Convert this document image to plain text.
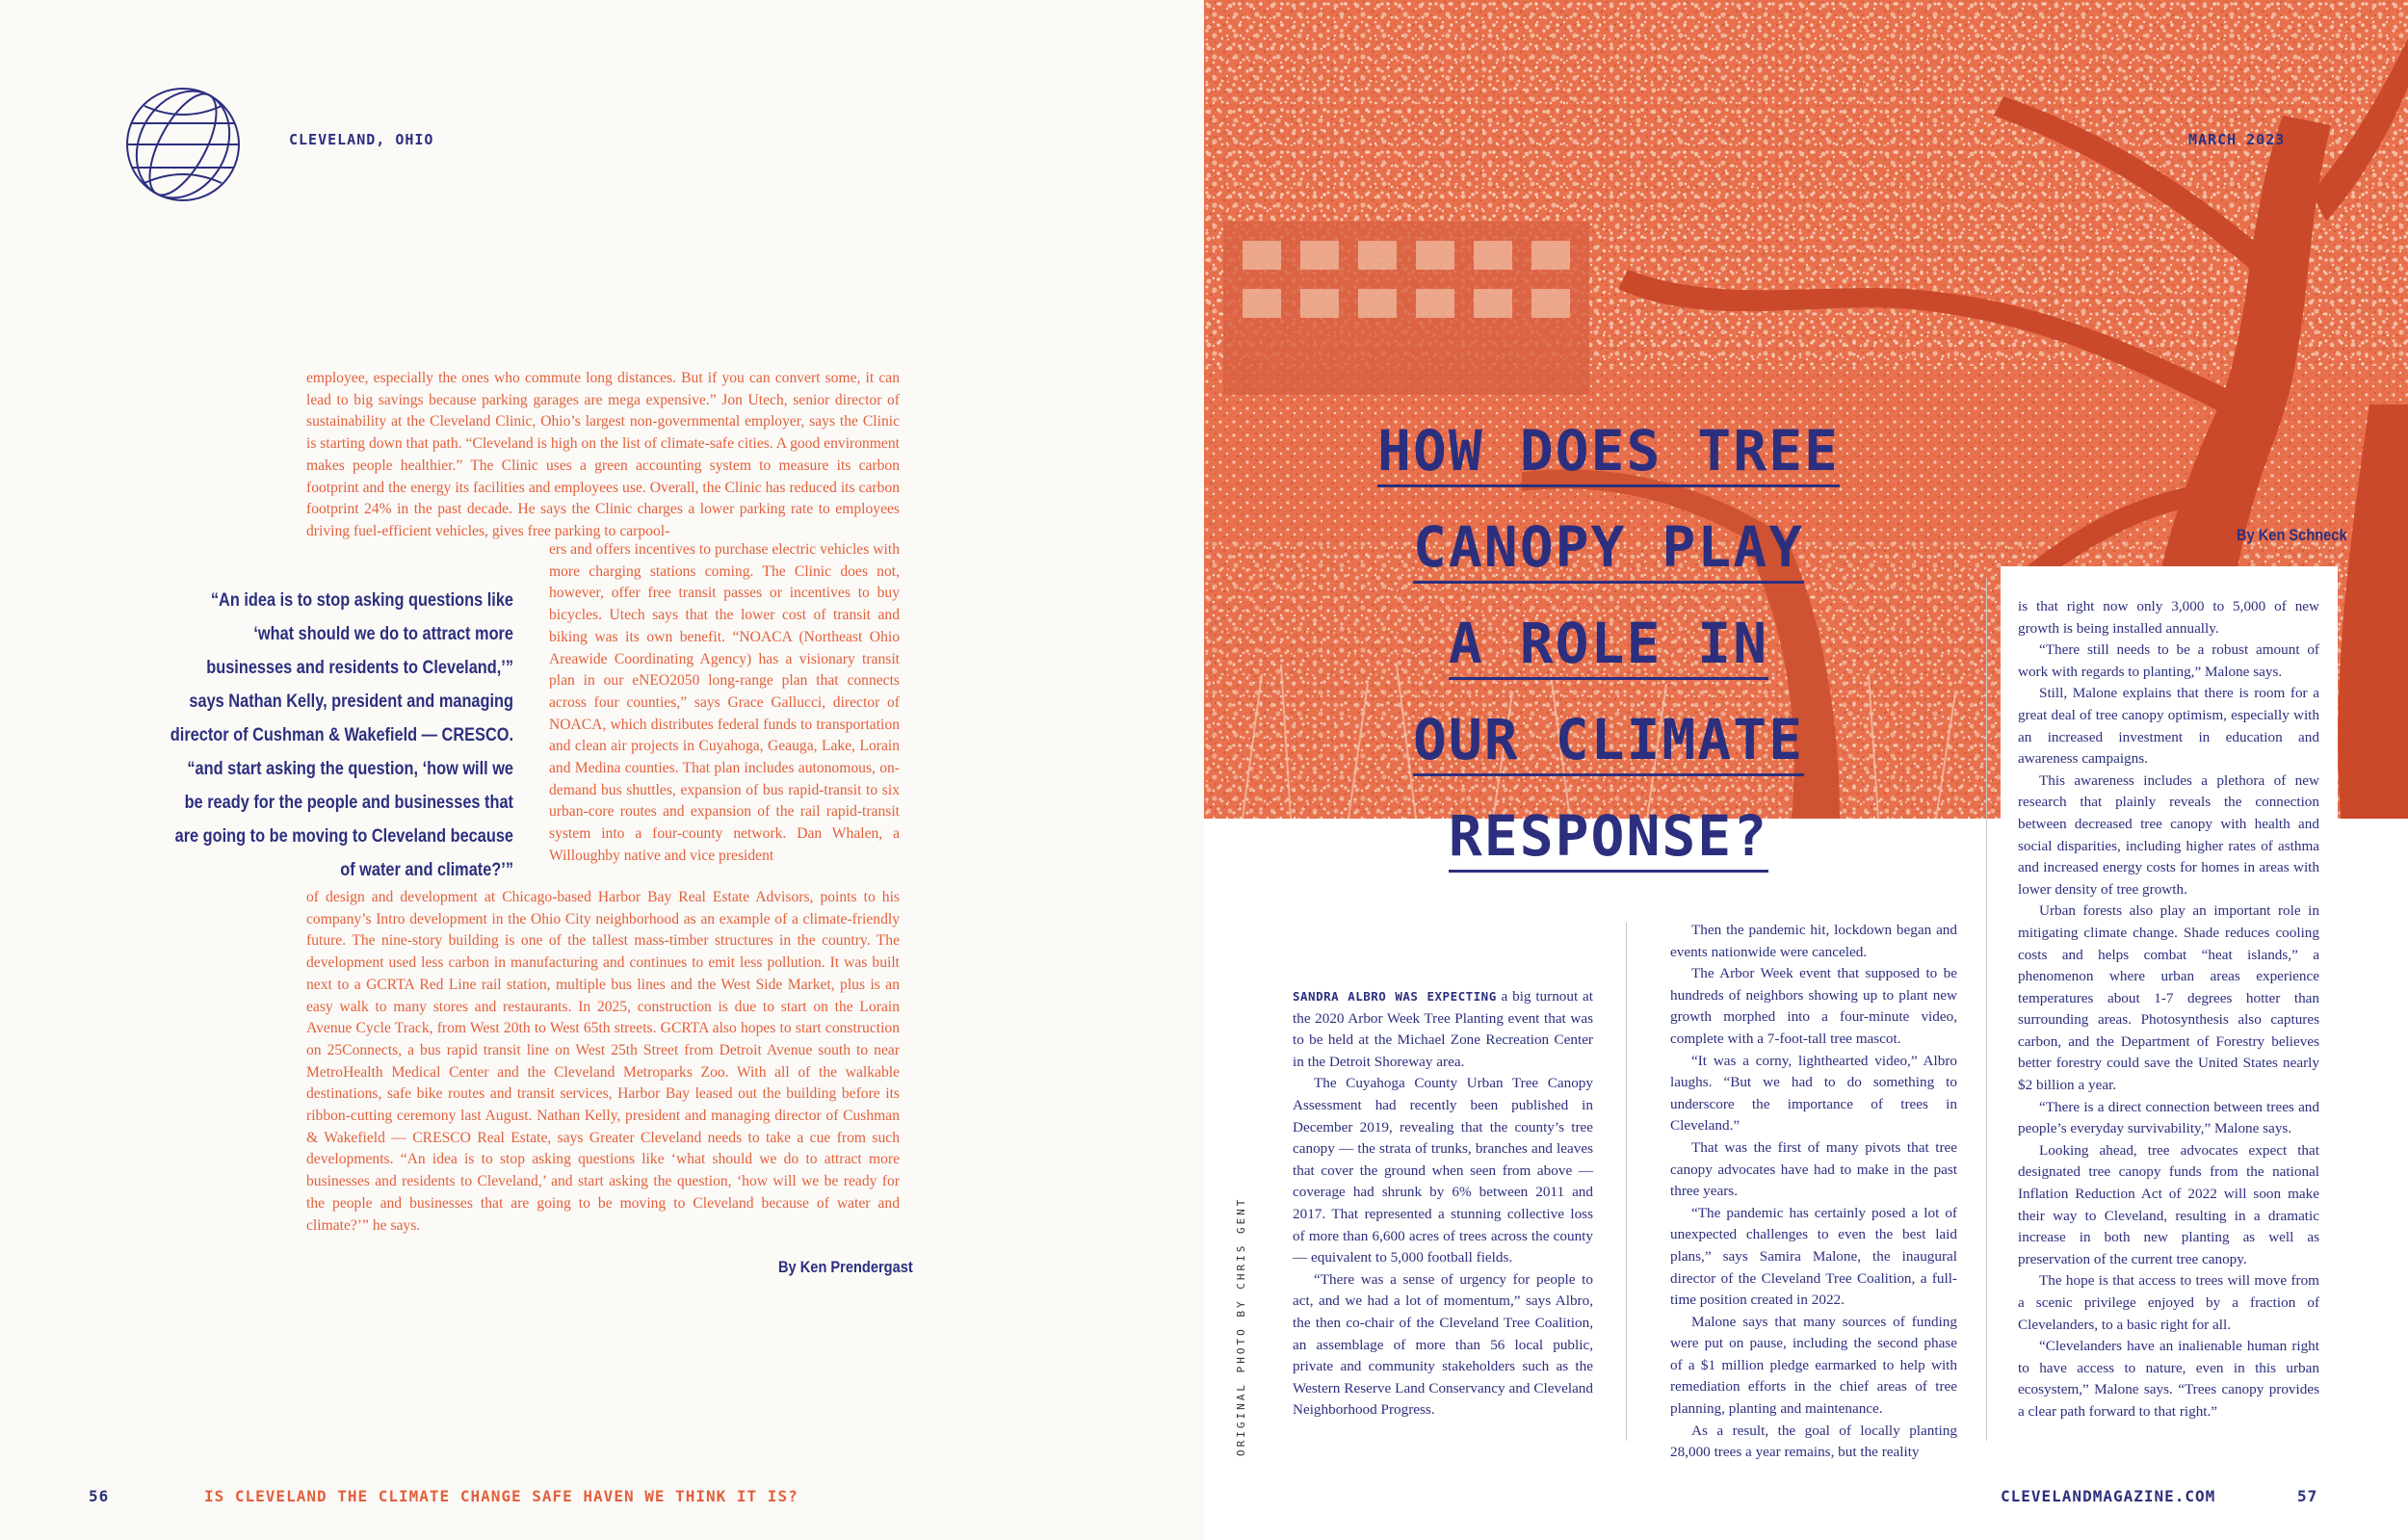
CLEVELAND, OHIO

employee, especially the ones who commute long distances. But if you can convert some, it can lead to big savings because parking garages are mega expensive.” Jon Utech, senior director of sustainability at the Cleveland Clinic, Ohio’s largest non-governmental employer, says the Clinic is starting down that path. “Cleveland is high on the list of climate-safe cities. A good environment makes people healthier.” The Clinic uses a green accounting system to measure its carbon footprint and the energy its facilities and employees use. Overall, the Clinic has reduced its carbon footprint 24% in the past decade. He says the Clinic charges a lower parking rate to employees driving fuel-efficient vehicles, gives free parking to carpool-

ers and offers incentives to purchase electric vehicles with more charging stations coming. The Clinic does not, however, offer free transit passes or incentives to buy bicycles. Utech says that the lower cost of transit and biking was its own benefit. “NOACA (Northeast Ohio Areawide Coordinating Agency) has a visionary transit plan in our eNEO2050 long-range plan that connects across four counties,” says Grace Gallucci, director of NOACA, which distributes federal funds to transportation and clean air projects in Cuyahoga, Geauga, Lake, Lorain and Medina counties. That plan includes autonomous, on-demand bus shuttles, expansion of bus rapid-transit to six urban-core routes and expansion of the rail rapid-transit system into a four-county network. Dan Whalen, a Willoughby native and vice president

of design and development at Chicago-based Harbor Bay Real Estate Advisors, points to his company’s Intro development in the Ohio City neighborhood as an example of a climate-friendly future. The nine-story building is one of the tallest mass-timber structures in the country. The development used less carbon in manufacturing and continues to emit less pollution. It was built next to a GCRTA Red Line rail station, multiple bus lines and the West Side Market, plus is an easy walk to many stores and restaurants. In 2025, construction is due to start on the Lorain Avenue Cycle Track, from West 20th to West 65th streets. GCRTA also hopes to start construction on 25Connects, a bus rapid transit line on West 25th Street from Detroit Avenue south to near MetroHealth Medical Center and the Cleveland Metroparks Zoo. With all of the walkable destinations, safe bike routes and transit services, Harbor Bay leased out the building before its ribbon-cutting ceremony last August. Nathan Kelly, president and managing director of Cushman & Wakefield — CRESCO Real Estate, says Greater Cleveland needs to take a cue from such developments. “An idea is to stop asking questions like ‘what should we do to attract more businesses and residents to Cleveland,’ and start asking the question, ‘how will we be ready for the people and businesses that are going to be moving to Cleveland because of water and climate?’” he says.

“An idea is to stop asking questions like ‘what should we do to attract more businesses and residents to Cleveland,’” says Nathan Kelly, president and managing director of Cushman & Wakefield — CRESCO. “and start asking the question, ‘how will we be ready for the people and businesses that are going to be moving to Cleveland because of water and climate?’”
By Ken Prendergast
56	IS CLEVELAND THE CLIMATE CHANGE SAFE HAVEN WE THINK IT IS?
MARCH 2023
HOW DOES TREE
CANOPY PLAY
A ROLE IN
OUR CLIMATE
RESPONSE?
By Ken Schneck
ORIGINAL PHOTO BY CHRIS GENT

SANDRA ALBRO WAS EXPECTING a big turnout at the 2020 Arbor Week Tree Planting event that was to be held at the Michael Zone Recreation Center in the Detroit Shoreway area.

The Cuyahoga County Urban Tree Canopy Assessment had recently been published in December 2019, revealing that the county’s tree canopy — the strata of trunks, branches and leaves that cover the ground when seen from above — coverage had shrunk by 6% between 2011 and 2017. That represented a stunning collective loss of more than 6,600 acres of trees across the county — equivalent to 5,000 football fields.

“There was a sense of urgency for people to act, and we had a lot of momentum,” says Albro, the then co-chair of the Cleveland Tree Coalition, an assemblage of more than 56 local public, private and community stakeholders such as the Western Reserve Land Conservancy and Cleveland Neighborhood Progress.

Then the pandemic hit, lockdown began and events nationwide were canceled.

The Arbor Week event that supposed to be hundreds of neighbors showing up to plant new growth morphed into a four-minute video, complete with a 7-foot-tall tree mascot.

“It was a corny, lighthearted video,” Albro laughs. “But we had to do something to underscore the importance of trees in Cleveland.”

That was the first of many pivots that tree canopy advocates have had to make in the past three years.

“The pandemic has certainly posed a lot of unexpected challenges to even the best laid plans,” says Samira Malone, the inaugural director of the Cleveland Tree Coalition, a full-time position created in 2022.

Malone says that many sources of funding were put on pause, including the second phase of a $1 million pledge earmarked to help with remediation efforts in the chief areas of tree planning, planting and maintenance.

As a result, the goal of locally planting 28,000 trees a year remains, but the reality

is that right now only 3,000 to 5,000 of new growth is being installed annually.

“There still needs to be a robust amount of work with regards to planting,” Malone says.

Still, Malone explains that there is room for a great deal of tree canopy optimism, especially with an increased investment in education and awareness campaigns.

This awareness includes a plethora of new research that plainly reveals the connection between decreased tree canopy with health and social disparities, including higher rates of asthma and increased energy costs for homes in areas with lower density of tree growth.

Urban forests also play an important role in mitigating climate change. Shade reduces cooling costs and helps combat “heat islands,” a phenomenon where urban areas experience temperatures about 1-7 degrees hotter than surrounding areas. Photosynthesis also captures carbon, and the Department of Forestry believes better forestry could save the United States nearly $2 billion a year.

“There is a direct connection between trees and people’s everyday survivability,” Malone says.

Looking ahead, tree advocates expect that designated tree canopy funds from the national Inflation Reduction Act of 2022 will soon make their way to Cleveland, resulting in a dramatic increase in both new planting as well as preservation of the current tree canopy.

The hope is that access to trees will move from a scenic privilege enjoyed by a fraction of Clevelanders, to a basic right for all.

“Clevelanders have an inalienable human right to have access to nature, even in this urban ecosystem,” Malone says. “Trees canopy provides a clear path forward to that right.”

CLEVELANDMAGAZINE.COM	57
